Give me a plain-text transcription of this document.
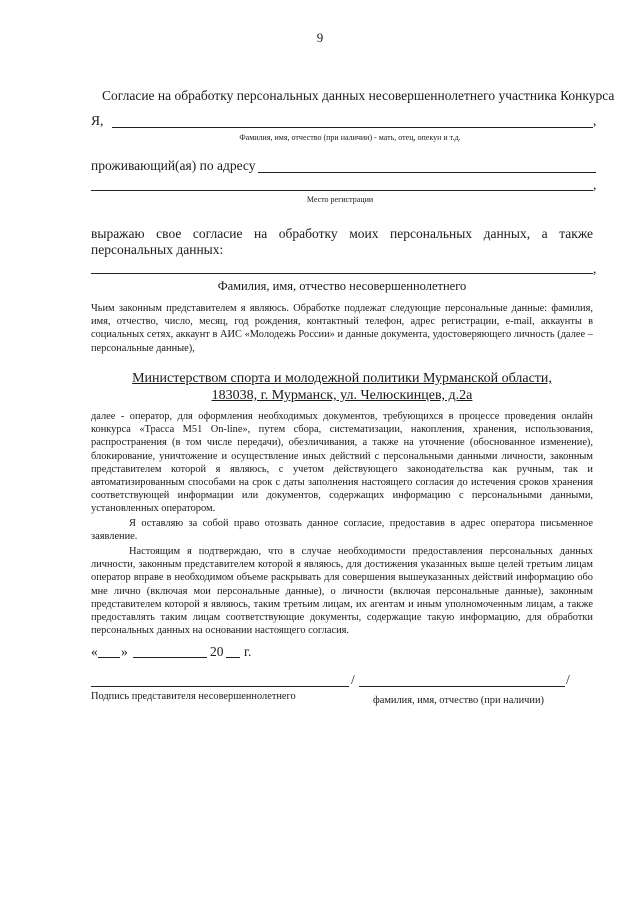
9
Согласие на обработку персональных данных несовершеннолетнего участника Конкурса
Я,	,
Фамилия, имя, отчество (при наличии) - мать, отец, опекун и т.д.
проживающий(ая) по адресу
,
Место регистрации
выражаю свое согласие на обработку моих персональных данных, а также персональных данных:
,
Фамилия, имя, отчество несовершеннолетнего
Чьим законным представителем я являюсь. Обработке подлежат следующие персональные данные: фамилия, имя, отчество, число, месяц, год рождения, контактный телефон, адрес регистрации, e-mail, аккаунты в социальных сетях, аккаунт в АИС «Молодежь России» и данные документа, удостоверяющего личность (далее – персональные данные),
Министерством спорта и молодежной политики Мурманской области,
183038, г. Мурманск, ул. Челюскинцев, д.2а
далее - оператор, для оформления необходимых документов, требующихся в процессе проведения онлайн конкурса «Трасса М51 On-line», путем сбора, систематизации, накопления, хранения, использования, распространения (в том числе передачи), обезличивания, а также на уточнение (обоснованное изменение), блокирование, уничтожение и осуществление иных действий с персональными данными личности, законным представителем которой я являюсь, с учетом действующего законодательства как ручным, так и автоматизированным способами на срок с даты заполнения настоящего согласия до истечения сроков хранения соответствующей информации или документов, содержащих информацию с персональными данными, установленных оператором.
Я оставляю за собой право отозвать данное согласие, предоставив в адрес оператора письменное заявление.
Настоящим я подтверждаю, что в случае необходимости предоставления персональных данных личности, законным представителем которой я являюсь, для достижения указанных выше целей третьим лицам оператор вправе в необходимом объеме раскрывать для совершения вышеуказанных действий информацию обо мне лично (включая мои персональные данные), о личности (включая персональные данные), законным представителем которой я являюсь, таким третьим лицам, их агентам и иным уполномоченным лицам, а также предоставлять таким лицам соответствующие документы, содержащие такую информацию, для обработки персональных данных на основании настоящего согласия.
« »	20 г.
/	/
Подпись представителя несовершеннолетнего	фамилия, имя, отчество (при наличии)
